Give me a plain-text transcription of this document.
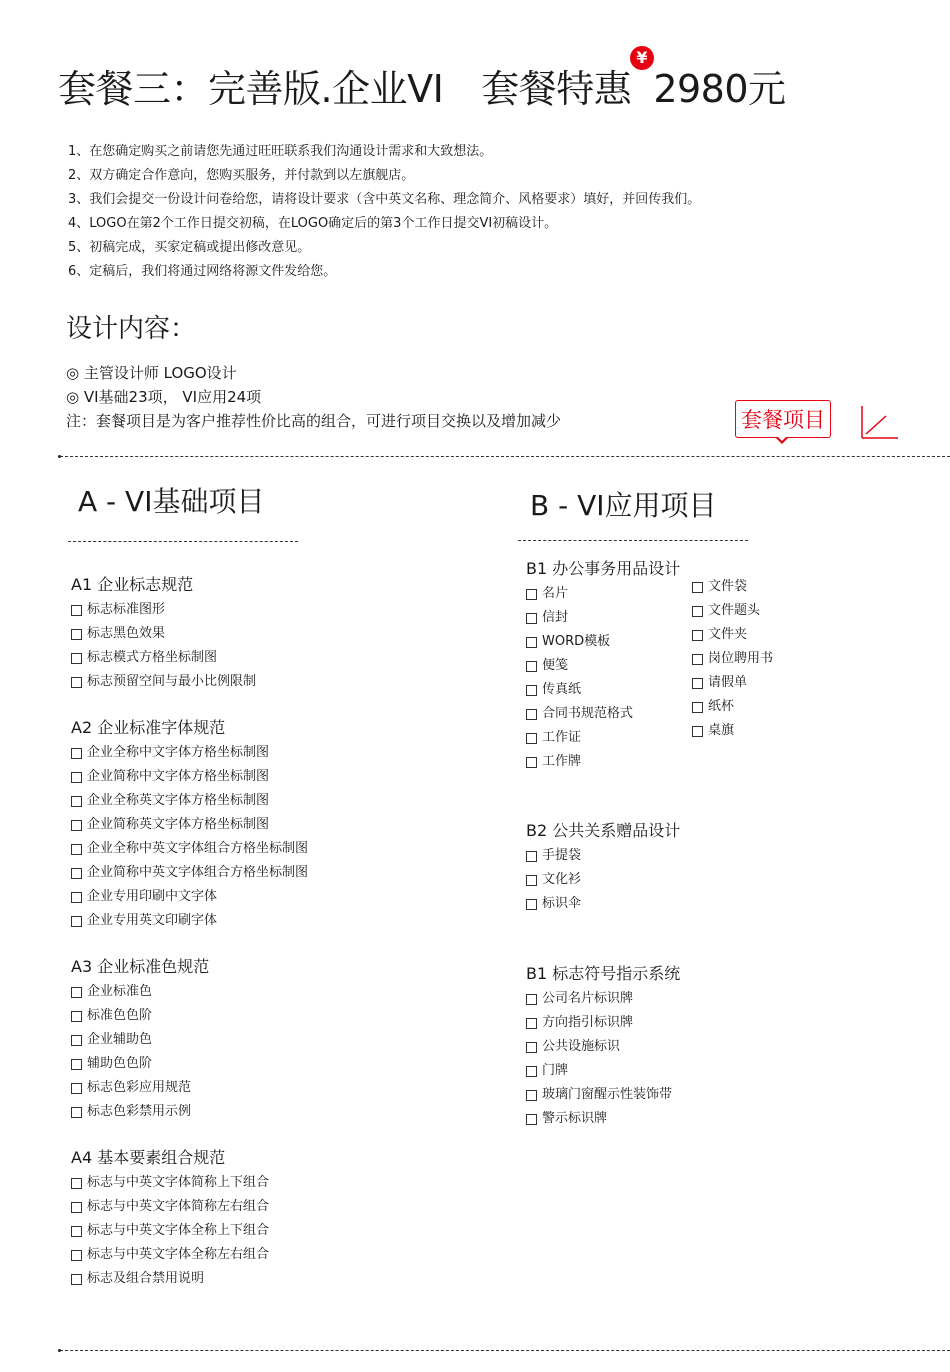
套餐三：完善版.企业VI 套餐特惠 2980元
¥
1、在您确定购买之前请您先通过旺旺联系我们沟通设计需求和大致想法。
2、双方确定合作意向，您购买服务，并付款到以左旗舰店。
3、我们会提交一份设计问卷给您，请将设计要求（含中英文名称、理念简介、风格要求）填好，并回传我们。
4、LOGO在第2个工作日提交初稿，在LOGO确定后的第3个工作日提交VI初稿设计。
5、初稿完成，买家定稿或提出修改意见。
6、定稿后，我们将通过网络将源文件发给您。
设计内容：
◎ 主管设计师 LOGO设计
◎ VI基础23项， VI应用24项
注：套餐项目是为客户推荐性价比高的组合，可进行项目交换以及增加减少	套餐项目
A - VI基础项目
A1 企业标志规范
标志标准图形
标志黑色效果
标志模式方格坐标制图
标志预留空间与最小比例限制
A2 企业标准字体规范
企业全称中文字体方格坐标制图
企业简称中文字体方格坐标制图
企业全称英文字体方格坐标制图
企业简称英文字体方格坐标制图
企业全称中英文字体组合方格坐标制图
企业简称中英文字体组合方格坐标制图
企业专用印刷中文字体
企业专用英文印刷字体
A3 企业标准色规范
企业标准色
标准色色阶
企业辅助色
辅助色色阶
标志色彩应用规范
标志色彩禁用示例
A4 基本要素组合规范
标志与中英文字体简称上下组合
标志与中英文字体简称左右组合
标志与中英文字体全称上下组合
标志与中英文字体全称左右组合
标志及组合禁用说明
B - VI应用项目
B1 办公事务用品设计
名片
信封
WORD模板
便笺
传真纸
合同书规范格式
工作证
工作牌
文件袋
文件题头
文件夹
岗位聘用书
请假单
纸杯
桌旗
B2 公共关系赠品设计
手提袋
文化衫
标识伞
B1 标志符号指示系统
公司名片标识牌
方向指引标识牌
公共设施标识
门牌
玻璃门窗醒示性装饰带
警示标识牌
